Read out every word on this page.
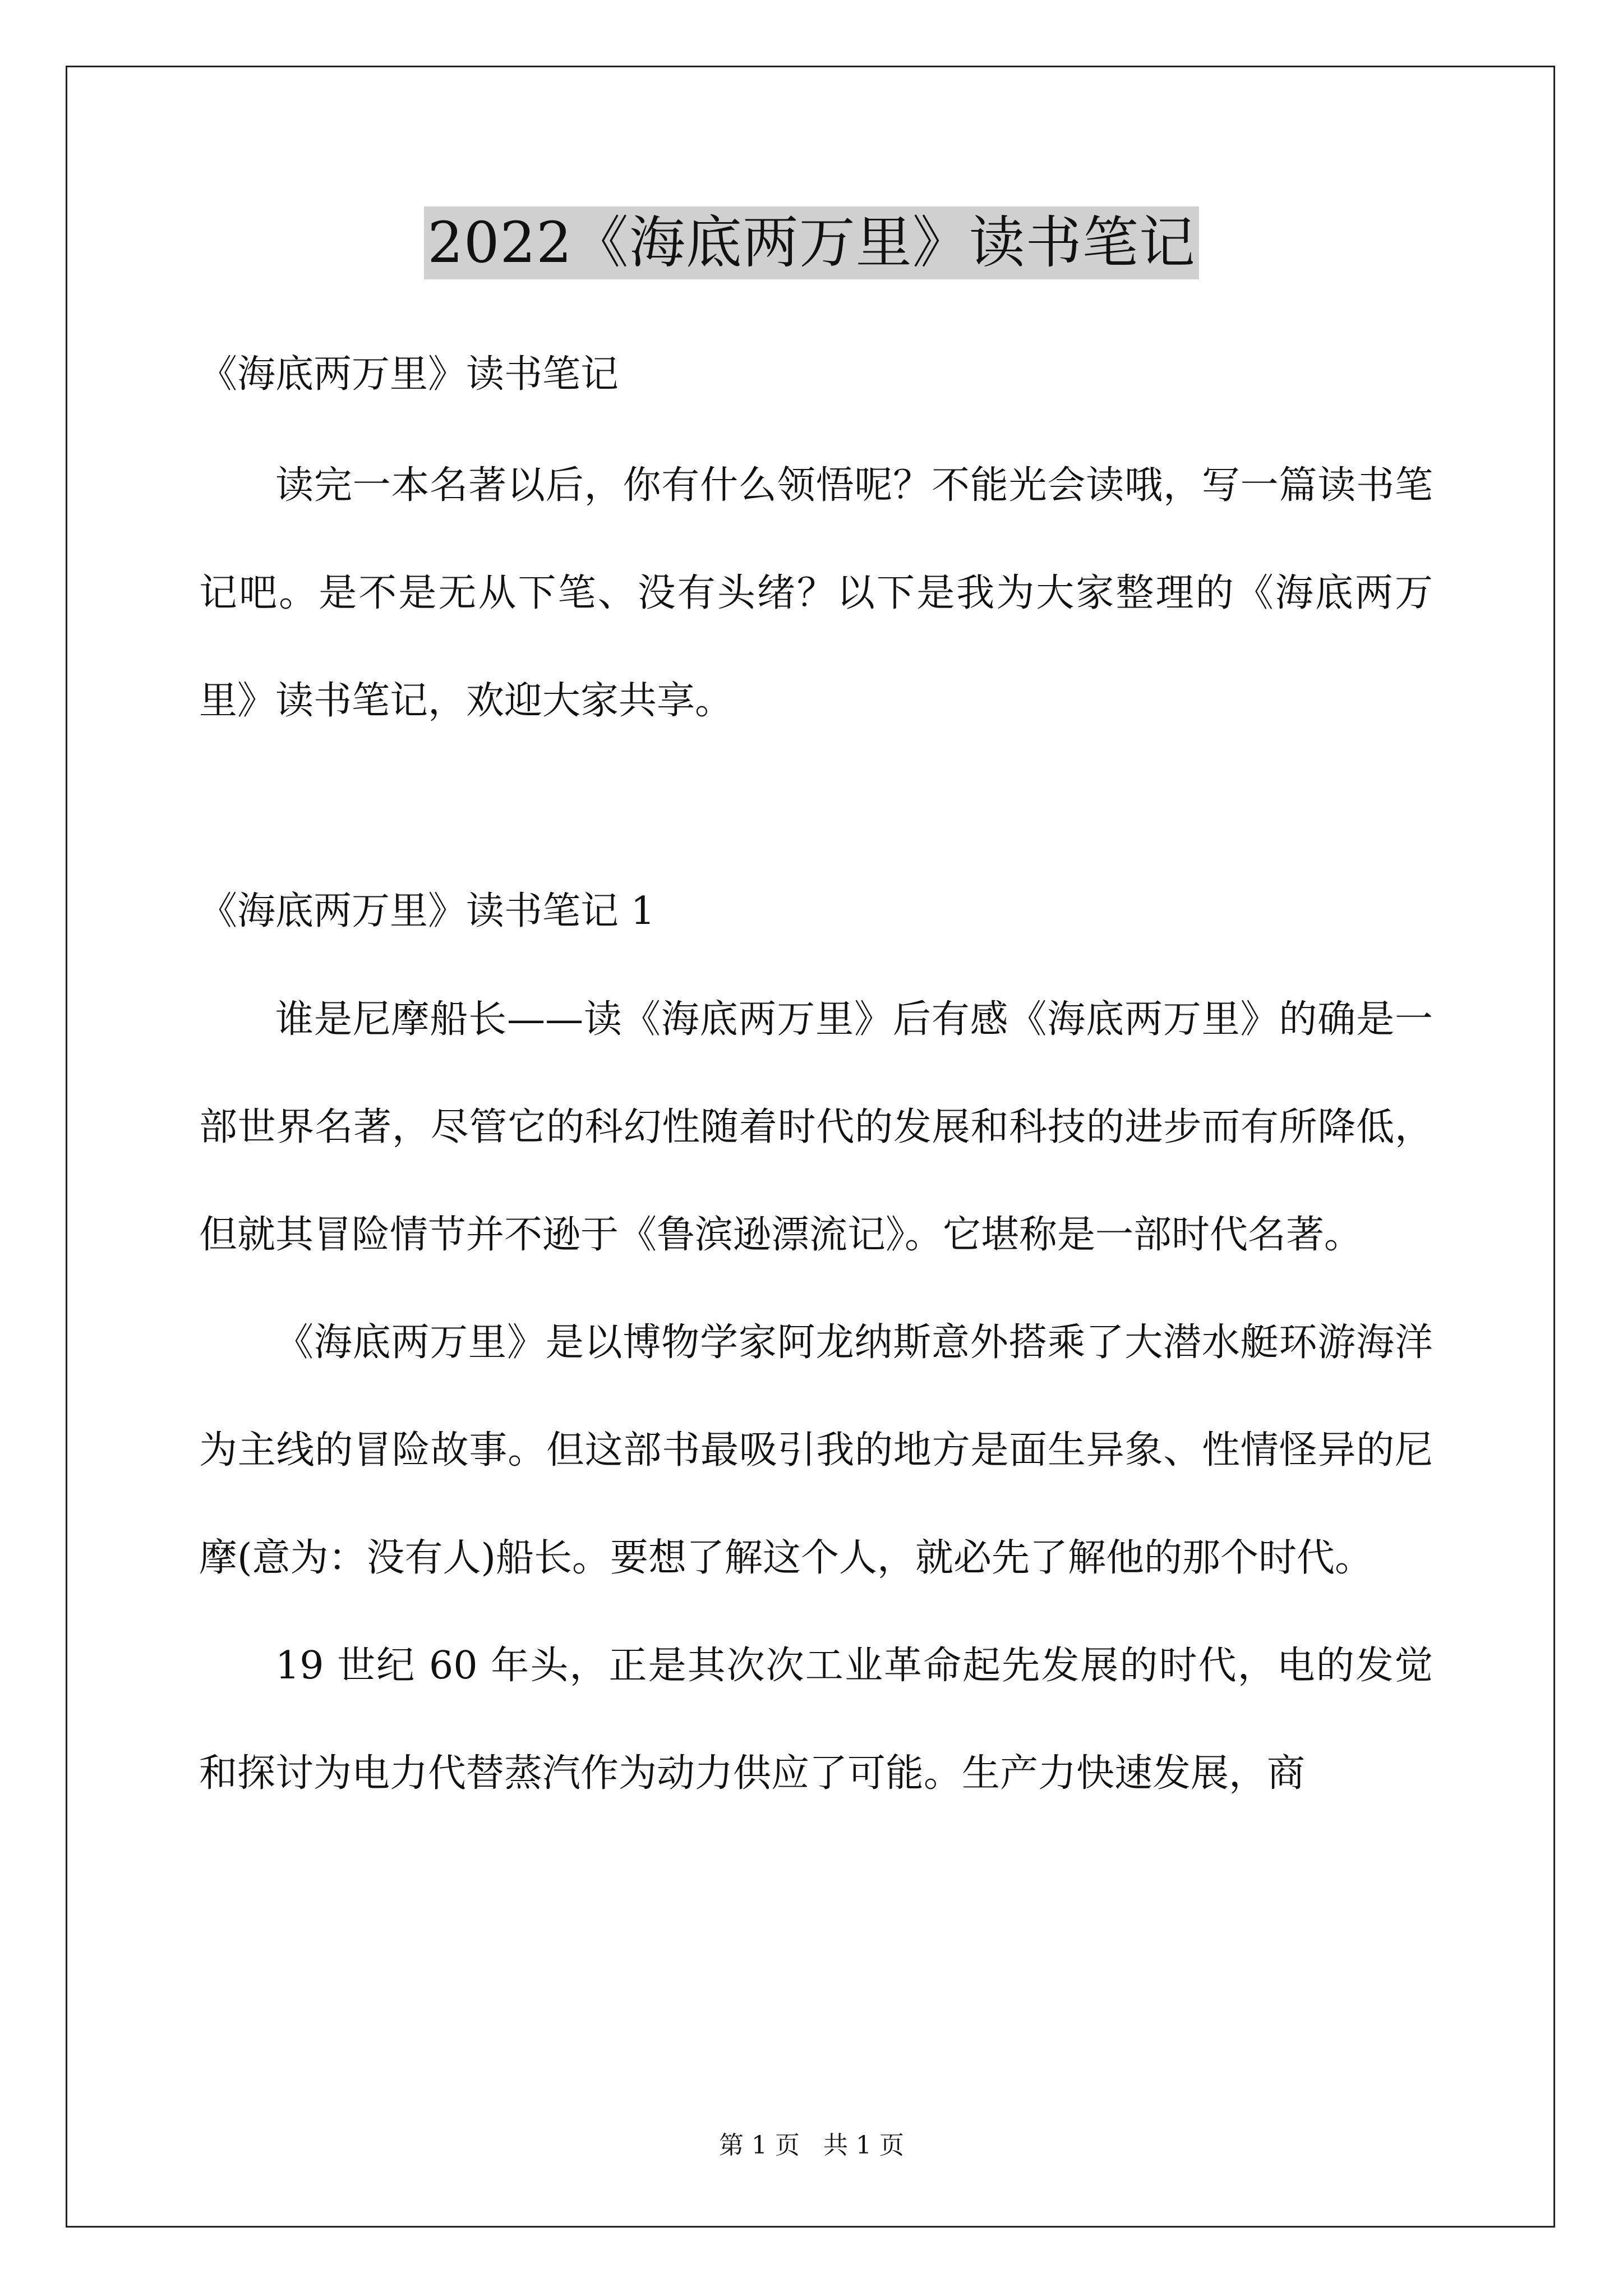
2022《海底两万里》读书笔记

《海底两万里》读书笔记

读完一本名著以后，你有什么领悟呢？不能光会读哦，写一篇读书笔记吧。是不是无从下笔、没有头绪？以下是我为大家整理的《海底两万里》读书笔记，欢迎大家共享。

《海底两万里》读书笔记 1

谁是尼摩船长——读《海底两万里》后有感《海底两万里》的确是一部世界名著，尽管它的科幻性随着时代的发展和科技的进步而有所降低，但就其冒险情节并不逊于《鲁滨逊漂流记》。它堪称是一部时代名著。

《海底两万里》是以博物学家阿龙纳斯意外搭乘了大潜水艇环游海洋为主线的冒险故事。但这部书最吸引我的地方是面生异象、性情怪异的尼摩(意为：没有人)船长。要想了解这个人，就必先了解他的那个时代。

19 世纪 60 年头，正是其次次工业革命起先发展的时代，电的发觉和探讨为电力代替蒸汽作为动力供应了可能。生产力快速发展，商

第 1 页   共 1 页
